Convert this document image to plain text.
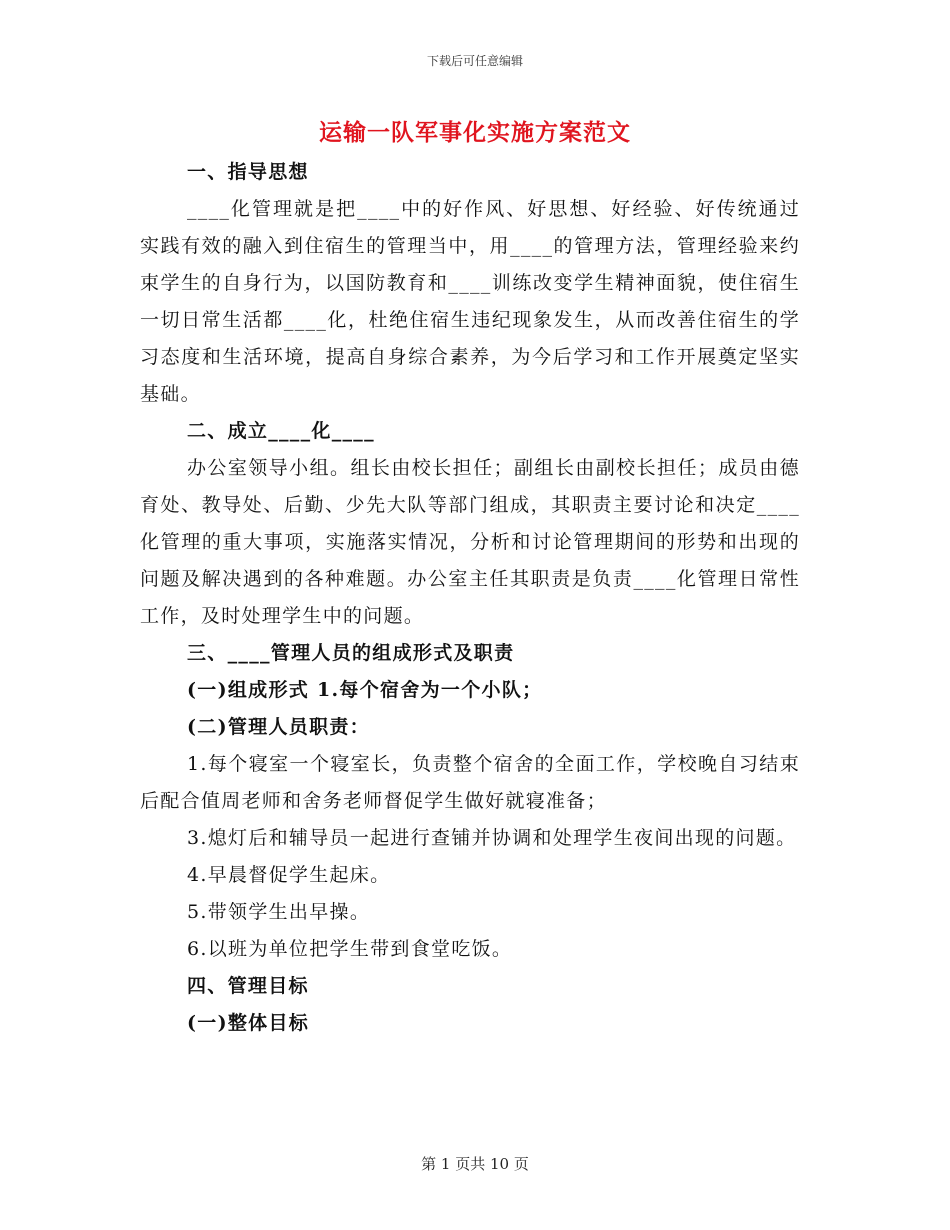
下载后可任意编辑
运输一队军事化实施方案范文

一、指导思想

____化管理就是把____中的好作风、好思想、好经验、好传统通过实践有效的融入到住宿生的管理当中，用____的管理方法，管理经验来约束学生的自身行为，以国防教育和____训练改变学生精神面貌，使住宿生一切日常生活都____化，杜绝住宿生违纪现象发生，从而改善住宿生的学习态度和生活环境，提高自身综合素养，为今后学习和工作开展奠定坚实基础。

二、成立____化____

办公室领导小组。组长由校长担任；副组长由副校长担任；成员由德育处、教导处、后勤、少先大队等部门组成，其职责主要讨论和决定____化管理的重大事项，实施落实情况，分析和讨论管理期间的形势和出现的问题及解决遇到的各种难题。办公室主任其职责是负责____化管理日常性工作，及时处理学生中的问题。

三、____管理人员的组成形式及职责

(一)组成形式 1.每个宿舍为一个小队；

(二)管理人员职责：

1.每个寝室一个寝室长，负责整个宿舍的全面工作，学校晚自习结束后配合值周老师和舍务老师督促学生做好就寝准备；

3.熄灯后和辅导员一起进行查铺并协调和处理学生夜间出现的问题。

4.早晨督促学生起床。

5.带领学生出早操。

6.以班为单位把学生带到食堂吃饭。

四、管理目标

(一)整体目标

第 1 页共 10 页
